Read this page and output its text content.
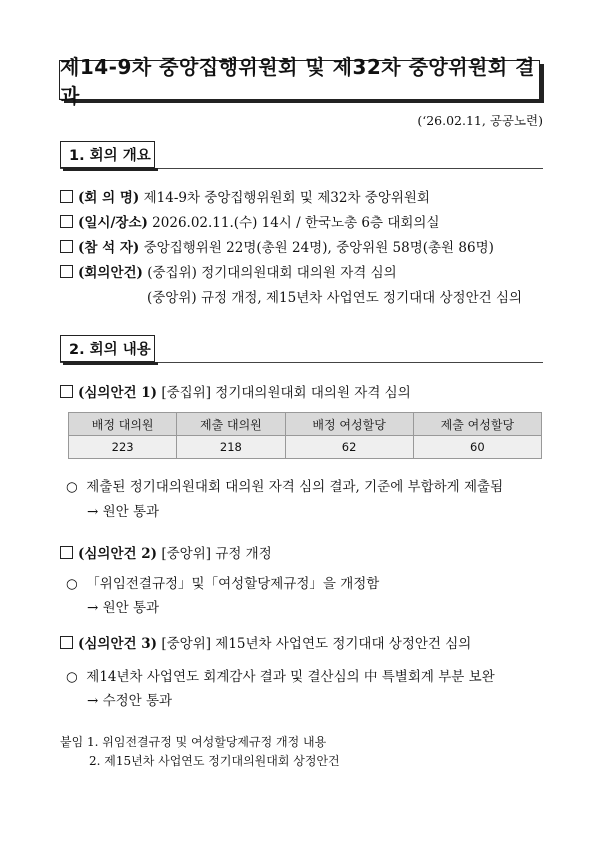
제14-9차 중앙집행위원회 및 제32차 중앙위원회 결과
(‘26.02.11, 공공노련)
1. 회의 개요
(회 의 명) 제14-9차 중앙집행위원회 및 제32차 중앙위원회
(일시/장소) 2026.02.11.(수) 14시 / 한국노총 6층 대회의실
(참 석 자) 중앙집행위원 22명(총원 24명), 중앙위원 58명(총원 86명)
(회의안건) (중집위) 정기대의원대회 대의원 자격 심의
(중앙위) 규정 개정, 제15년차 사업연도 정기대대 상정안건 심의
2. 회의 내용
(심의안건 1) [중집위] 정기대의원대회 대의원 자격 심의
배정 대의원	제출 대의원	배정 여성할당	제출 여성할당
223	218	62	60
○ 제출된 정기대의원대회 대의원 자격 심의 결과, 기준에 부합하게 제출됨
→ 원안 통과
(심의안건 2) [중앙위] 규정 개정
○ 「위임전결규정」및「여성할당제규정」을 개정함
→ 원안 통과
(심의안건 3) [중앙위] 제15년차 사업연도 정기대대 상정안건 심의
○ 제14년차 사업연도 회계감사 결과 및 결산심의 中 특별회계 부분 보완
→ 수정안 통과
붙임 1. 위임전결규정 및 여성할당제규정 개정 내용
2. 제15년차 사업연도 정기대의원대회 상정안건
